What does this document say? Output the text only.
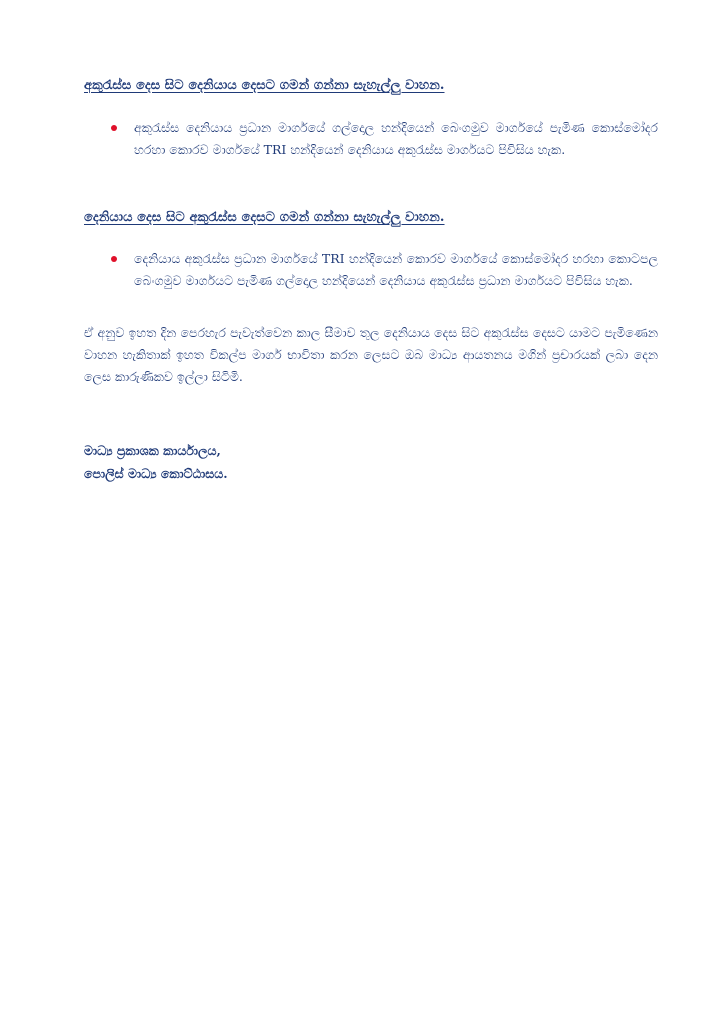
අකුරැස්ස දෙස සිට දෙනියාය දෙසට ගමන් ගන්නා සැහැල්ලු වාහන.
අකුරැස්ස දෙනියාය ප්‍රධාන මාර්ගයේ ගල්දොල හන්දියෙන් බෙංගමුව මාර්ගයේ පැමිණ කොස්මෝදර හරහා කොරව මාර්ගයේ TRI හන්දියෙන් දෙනියාය අකුරැස්ස මාර්ගයට පිවිසිය හැක.
දෙනියාය දෙස සිට අකුරැස්ස දෙසට ගමන් ගන්නා සැහැල්ලු වාහන.
දෙනියාය අකුරැස්ස ප්‍රධාන මාර්ගයේ TRI හන්දියෙන් කොරව මාර්ගයේ කොස්මෝදර හරහා කොටපල බෙංගමුව මාර්ගයට පැමිණ ගල්දොල හන්දියෙන් දෙනියාය අකුරැස්ස ප්‍රධාන මාර්ගයට පිවිසිය හැක.
ඒ අනුව ඉහත දින පෙරහැර පැවැත්වෙන කාල සීමාව තුල දෙනියාය දෙස සිට අකුරැස්ස දෙසට යාමට පැමිණෙන වාහන හැකිතාක් ඉහත විකල්ප මාර්ග භාවිතා කරන ලෙසට ඔබ මාධ්‍ය ආයතනය මගින් ප්‍රචාරයක් ලබා දෙන ලෙස කාරුණිකව ඉල්ලා සිටිමි.
මාධ්‍ය ප්‍රකාශක කාර්යාලය,
පොලිස් මාධ්‍ය කොට්ඨාසය.
